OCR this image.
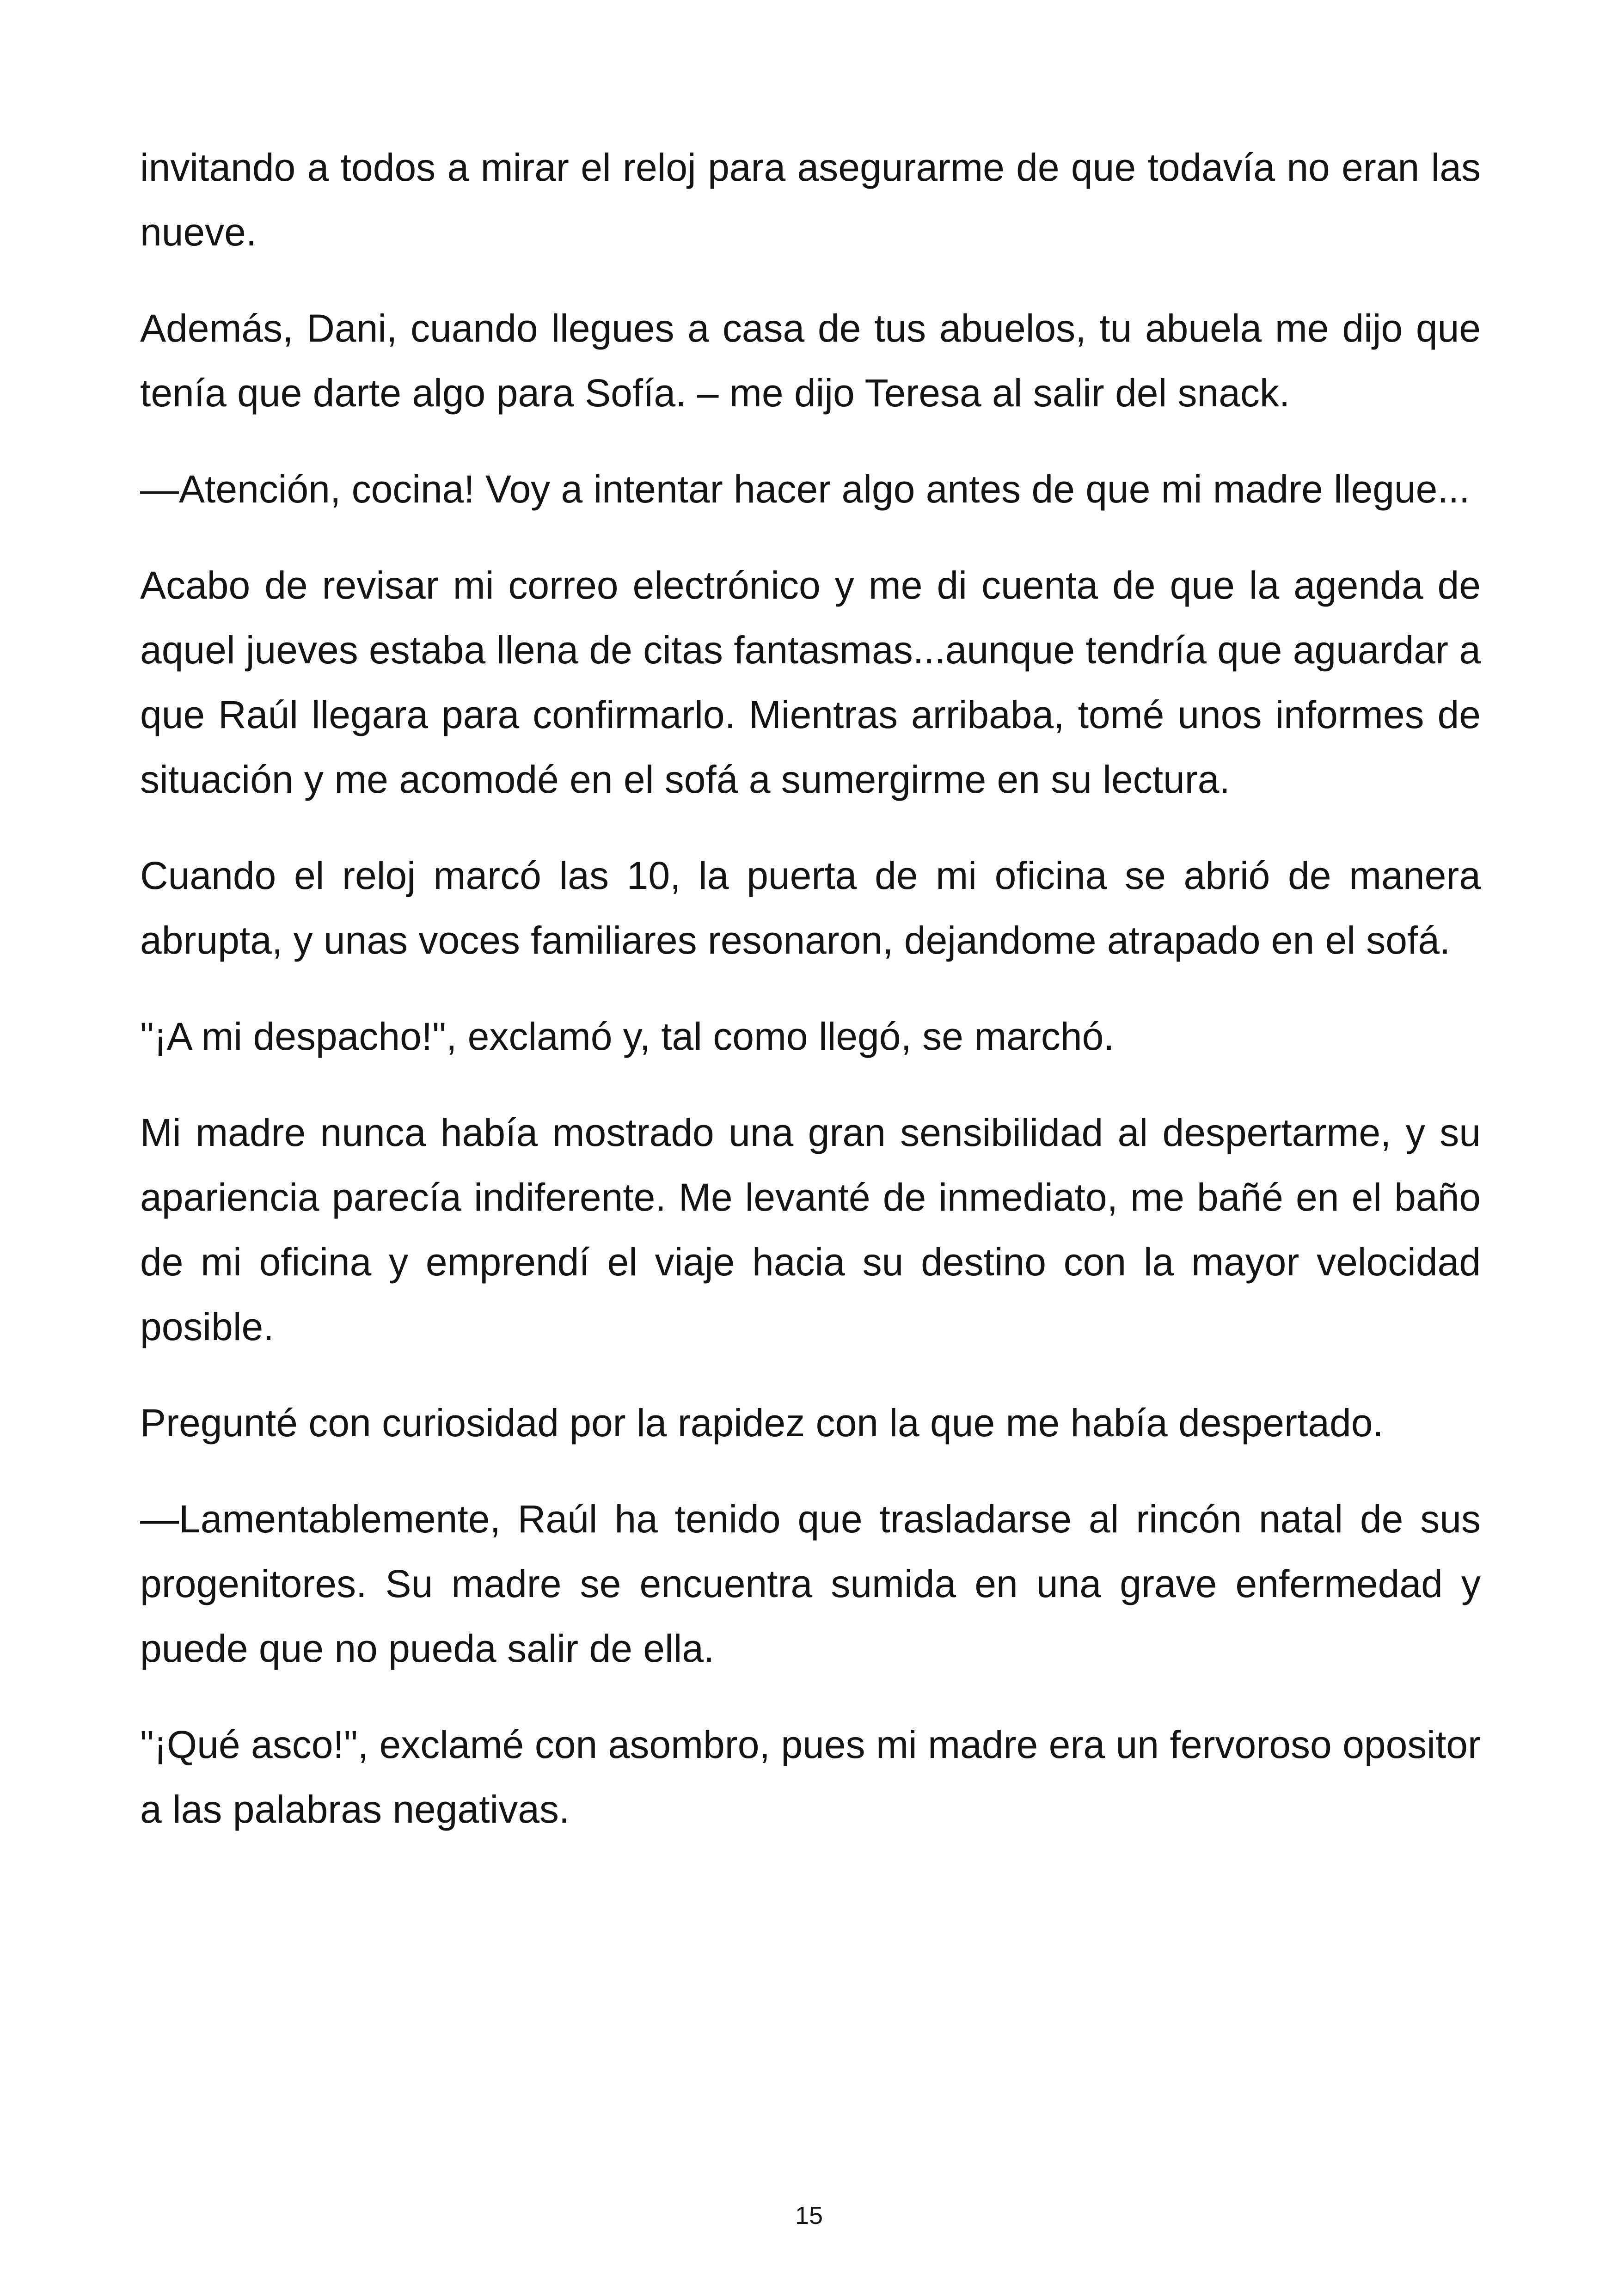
invitando a todos a mirar el reloj para asegurarme de que todavía no eran las nueve.

Además, Dani, cuando llegues a casa de tus abuelos, tu abuela me dijo que tenía que darte algo para Sofía. – me dijo Teresa al salir del snack.

—Atención, cocina! Voy a intentar hacer algo antes de que mi madre llegue...

Acabo de revisar mi correo electrónico y me di cuenta de que la agenda de aquel jueves estaba llena de citas fantasmas...aunque tendría que aguardar a que Raúl llegara para confirmarlo. Mientras arribaba, tomé unos informes de situación y me acomodé en el sofá a sumergirme en su lectura.

Cuando el reloj marcó las 10, la puerta de mi oficina se abrió de manera abrupta, y unas voces familiares resonaron, dejandome atrapado en el sofá.

"¡A mi despacho!", exclamó y, tal como llegó, se marchó.

Mi madre nunca había mostrado una gran sensibilidad al despertarme, y su apariencia parecía indiferente. Me levanté de inmediato, me bañé en el baño de mi oficina y emprendí el viaje hacia su destino con la mayor velocidad posible.

Pregunté con curiosidad por la rapidez con la que me había despertado.

—Lamentablemente, Raúl ha tenido que trasladarse al rincón natal de sus progenitores. Su madre se encuentra sumida en una grave enfermedad y puede que no pueda salir de ella.

"¡Qué asco!", exclamé con asombro, pues mi madre era un fervoroso opositor a las palabras negativas.

15
